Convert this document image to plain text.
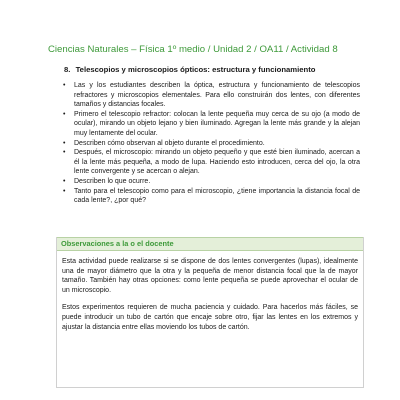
Ciencias Naturales – Física 1º medio / Unidad 2 / OA11 / Actividad 8
8. Telescopios y microscopios ópticos: estructura y funcionamiento
• Las y los estudiantes describen la óptica, estructura y funcionamiento de telescopios refractores y microscopios elementales. Para ello construirán dos lentes, con diferentes tamaños y distancias focales.
• Primero el telescopio refractor: colocan la lente pequeña muy cerca de su ojo (a modo de ocular), mirando un objeto lejano y bien iluminado. Agregan la lente más grande y la alejan muy lentamente del ocular.
• Describen cómo observan al objeto durante el procedimiento.
• Después, el microscopio: mirando un objeto pequeño y que esté bien iluminado, acercan a él la lente más pequeña, a modo de lupa. Haciendo esto introducen, cerca del ojo, la otra lente convergente y se acercan o alejan.
• Describen lo que ocurre.
• Tanto para el telescopio como para el microscopio, ¿tiene importancia la distancia focal de cada lente?, ¿por qué?
Observaciones a la o el docente

Esta actividad puede realizarse si se dispone de dos lentes convergentes (lupas), idealmente una de mayor diámetro que la otra y la pequeña de menor distancia focal que la de mayor tamaño. También hay otras opciones: como lente pequeña se puede aprovechar el ocular de un microscopio.

Estos experimentos requieren de mucha paciencia y cuidado. Para hacerlos más fáciles, se puede introducir un tubo de cartón que encaje sobre otro, fijar las lentes en los extremos y ajustar la distancia entre ellas moviendo los tubos de cartón.
